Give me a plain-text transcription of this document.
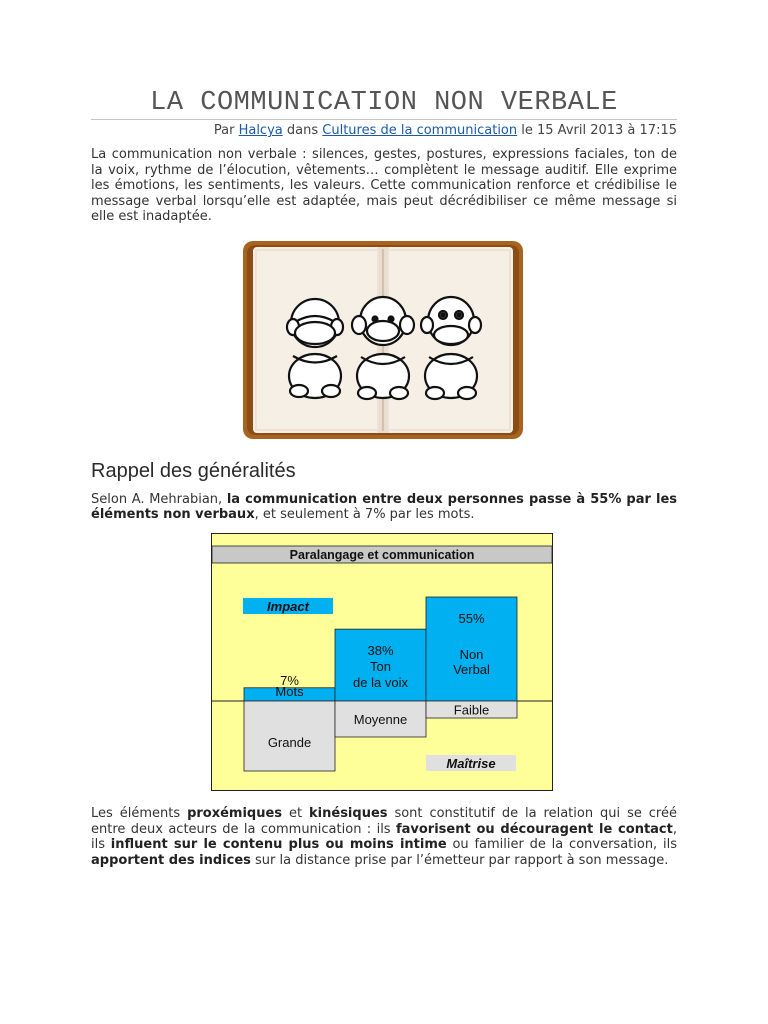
LA COMMUNICATION NON VERBALE
Par Halcya dans Cultures de la communication le 15 Avril 2013 à 17:15

La communication non verbale : silences, gestes, postures, expressions faciales, ton de la voix, rythme de l’élocution, vêtements… complètent le message auditif. Elle exprime les émotions, les sentiments, les valeurs. Cette communication renforce et crédibilise le message verbal lorsqu’elle est adaptée, mais peut décrédibiliser ce même message si elle est inadaptée.

Rappel des généralités

Selon A. Mehrabian, la communication entre deux personnes passe à 55% par les éléments non verbaux, et seulement à 7% par les mots.

Paralangage et communication
Impact
7%
Mots
Grande
38%
Ton
de la voix
Moyenne
55%
Non
Verbal
Faible
Maîtrise

Les éléments proxémiques et kinésiques sont constitutif de la relation qui se créé entre deux acteurs de la communication : ils favorisent ou découragent le contact, ils influent sur le contenu plus ou moins intime ou familier de la conversation, ils apportent des indices sur la distance prise par l’émetteur par rapport à son message.
